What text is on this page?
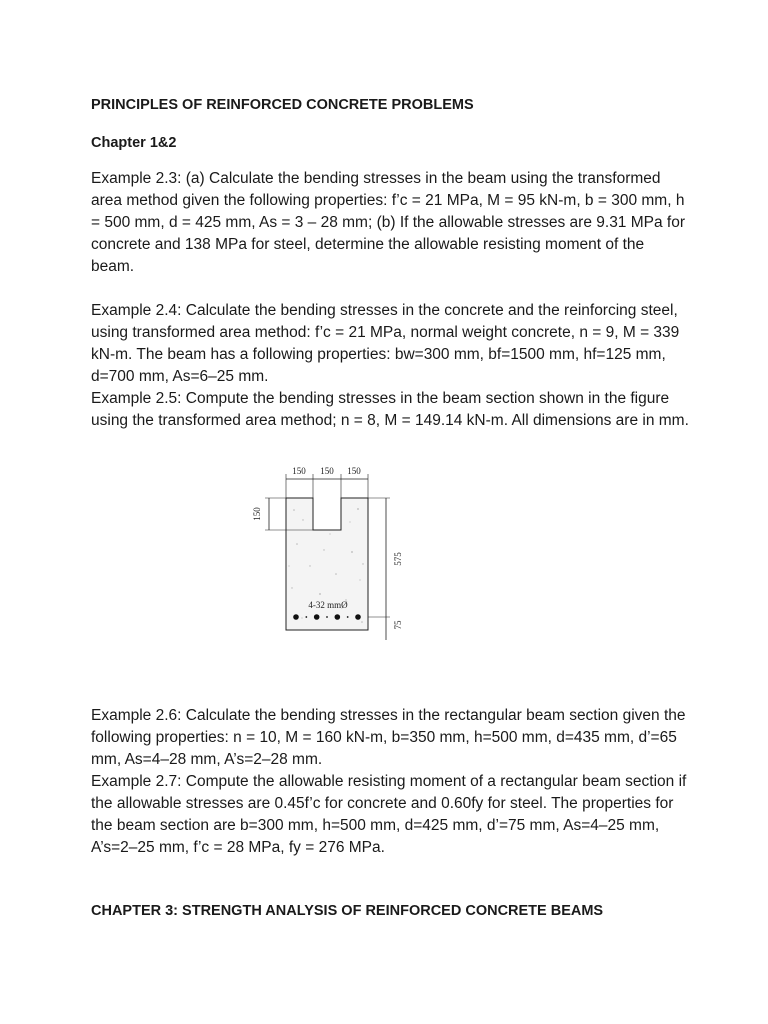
PRINCIPLES OF REINFORCED CONCRETE PROBLEMS

Chapter 1&2

Example 2.3: (a) Calculate the bending stresses in the beam using the transformed area method given the following properties: f’c = 21 MPa, M = 95 kN-m, b = 300 mm, h = 500 mm, d = 425 mm, As = 3 – 28 mm; (b) If the allowable stresses are 9.31 MPa for concrete and 138 MPa for steel, determine the allowable resisting moment of the beam.

Example 2.4: Calculate the bending stresses in the concrete and the reinforcing steel, using transformed area method: f’c = 21 MPa, normal weight concrete, n = 9, M = 339 kN-m. The beam has a following properties: bw=300 mm, bf=1500 mm, hf=125 mm, d=700 mm, As=6–25 mm.

Example 2.5: Compute the bending stresses in the beam section shown in the figure using the transformed area method; n = 8, M = 149.14 kN-m. All dimensions are in mm.

150 150 150
150
575
75
4-32 mmØ

Example 2.6: Calculate the bending stresses in the rectangular beam section given the following properties: n = 10, M = 160 kN-m, b=350 mm, h=500 mm, d=435 mm, d’=65 mm, As=4–28 mm, A’s=2–28 mm.

Example 2.7: Compute the allowable resisting moment of a rectangular beam section if the allowable stresses are 0.45f’c for concrete and 0.60fy for steel. The properties for the beam section are b=300 mm, h=500 mm, d=425 mm, d’=75 mm, As=4–25 mm, A’s=2–25 mm, f’c = 28 MPa, fy = 276 MPa.

CHAPTER 3: STRENGTH ANALYSIS OF REINFORCED CONCRETE BEAMS
